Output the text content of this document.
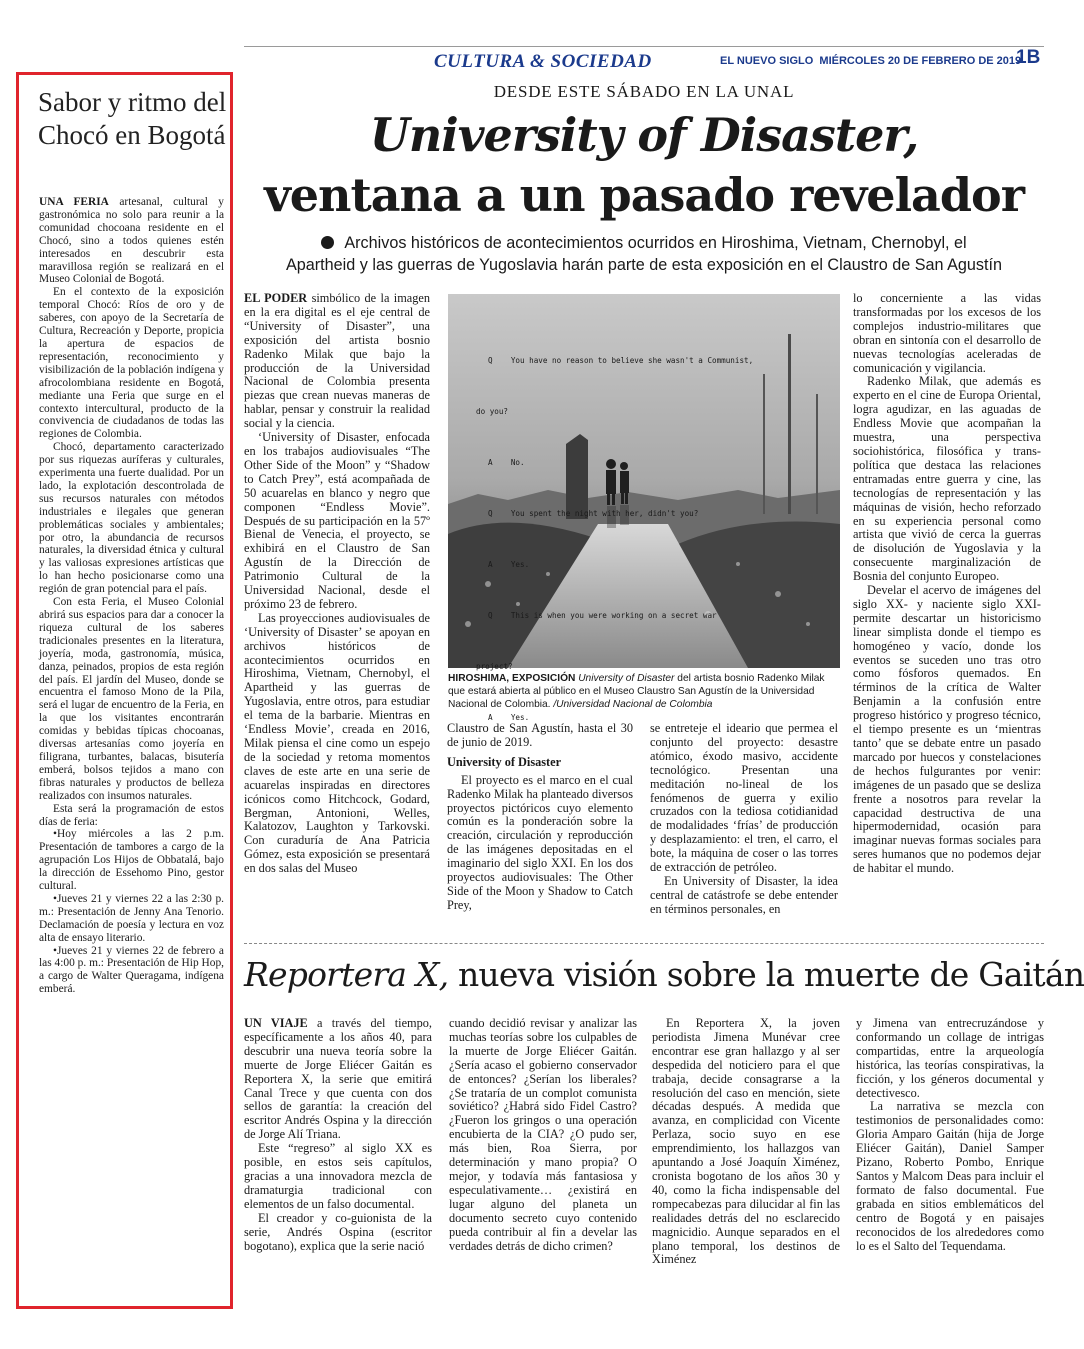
CULTURA & SOCIEDAD	EL NUEVO SIGLO  MIÉRCOLES 20 DE FEBRERO DE 2019
1B
Sabor y ritmo del Chocó en Bogotá

UNA FERIA artesanal, cultural y gastronómica no solo para reunir a la comunidad chocoana residente en el Chocó, sino a todos quienes estén interesados en descubrir esta maravillosa región se realizará en el Museo Colonial de Bogotá.

En el contexto de la exposición temporal Chocó: Ríos de oro y de saberes, con apoyo de la Secretaría de Cultura, Recreación y Deporte, propicia la apertura de espacios de representación, reconocimiento y visibilización de la población indígena y afrocolombiana residente en Bogotá, mediante una Feria que surge en el contexto intercultural, producto de la convivencia de ciudadanos de todas las regiones de Colombia.

Chocó, departamento caracterizado por sus riquezas auríferas y culturales, experimenta una fuerte dualidad. Por un lado, la explotación descontrolada de sus recursos naturales con métodos industriales e ilegales que generan problemáticas sociales y ambientales; por otro, la abundancia de recursos naturales, la diversidad étnica y cultural y las valiosas expresiones artísticas que lo han hecho posicionarse como una región de gran potencial para el país.

Con esta Feria, el Museo Colonial abrirá sus espacios para dar a conocer la riqueza cultural de los saberes tradicionales presentes en la literatura, joyería, moda, gastronomía, música, danza, peinados, propios de esta región del país. El jardín del Museo, donde se encuentra el famoso Mono de la Pila, será el lugar de encuentro de la Feria, en la que los visitantes encontrarán comidas y bebidas típicas chocoanas, diversas artesanías como joyería en filigrana, turbantes, balacas, bisutería emberá, bolsos tejidos a mano con fibras naturales y productos de belleza realizados con insumos naturales.

Esta será la programación de estos días de feria:

•Hoy miércoles a las 2 p.m. Presentación de tambores a cargo de la agrupación Los Hijos de Obbatalá, bajo la dirección de Essehomo Pino, gestor cultural.

•Jueves 21 y viernes 22 a las 2:30 p. m.: Presentación de Jenny Ana Tenorio. Declamación de poesía y lectura en voz alta de ensayo literario.

•Jueves 21 y viernes 22 de febrero a las 4:00 p. m.: Presentación de Hip Hop, a cargo de Walter Queragama, indígena emberá.

DESDE ESTE SÁBADO EN LA UNAL
University of Disaster,
ventana a un pasado revelador
Archivos históricos de acontecimientos ocurridos en Hiroshima, Vietnam, Chernobyl, el
Apartheid y las guerras de Yugoslavia harán parte de esta exposición en el Claustro de San Agustín

EL PODER simbólico de la imagen en la era digital es el eje central de “University of Disaster”, una exposición del artista bosnio Radenko Milak que bajo la producción de la Universidad Nacional de Colombia presenta piezas que crean nuevas maneras de hablar, pensar y construir la realidad social y la ciencia.

‘University of Disaster, enfocada en los trabajos audiovisuales “The Other Side of the Moon” y “Shadow to Catch Prey”, está acompañada de 50 acuarelas en blanco y negro que componen “Endless Movie”. Después de su participación en la 57º Bienal de Venecia, el proyecto, se exhibirá en el Claustro de San Agustín de la Dirección de Patrimonio Cultural de la Universidad Nacional, desde el próximo 23 de febrero.

Las proyecciones audiovisuales de ‘University of Disaster’ se apoyan en archivos históricos de acontecimientos ocurridos en Hiroshima, Vietnam, Chernobyl, el Apartheid y las guerras de Yugoslavia, entre otros, para estudiar el tema de la barbarie. Mientras en ‘Endless Movie’, creada en 2016, Milak piensa el cine como un espejo de la sociedad y retoma momentos claves de este arte en una serie de acuarelas inspiradas en directores icónicos como Hitchcock, Godard, Bergman, Antonioni, Welles, Kalatozov, Laughton y Tarkovski. Con curaduría de Ana Patricia Gómez, esta exposición se presentará en dos salas del Museo

Q    You have no reason to believe she wasn't a Communist,

do you?

A    No.

Q    You spent the night with her, didn't you?

A    Yes.

Q    This is when you were working on a secret war

project?

A    Yes.

HIROSHIMA, EXPOSICIÓN University of Disaster del artista bosnio Radenko Milak que estará abierta al público en el Museo Claustro San Agustín de la Universidad Nacional de Colombia. /Universidad Nacional de Colombia

Claustro de San Agustín, hasta el 30 de junio de 2019.

University of Disaster

El proyecto es el marco en el cual Radenko Milak ha planteado diversos proyectos pictóricos cuyo elemento común es la ponderación sobre la creación, circulación y reproducción de las imágenes depositadas en el imaginario del siglo XXI. En los dos proyectos audiovisuales: The Other Side of the Moon y Shadow to Catch Prey,

se entreteje el ideario que permea el conjunto del proyecto: desastre atómico, éxodo masivo, accidente tecnológico. Presentan una meditación no-lineal de los fenómenos de guerra y exilio cruzados con la tediosa cotidianidad de modalidades ‘frías’ de producción y desplazamiento: el tren, el carro, el bote, la máquina de coser o las torres de extracción de petróleo.

En University of Disaster, la idea central de catástrofe se debe entender en términos personales, en

lo concerniente a las vidas transformadas por los excesos de los complejos industrio-militares que obran en sintonía con el desarrollo de nuevas tecnologías aceleradas de comunicación y vigilancia.

Radenko Milak, que además es experto en el cine de Europa Oriental, logra agudizar, en las aguadas de Endless Movie que acompañan la muestra, una perspectiva sociohistórica, filosófica y trans-política que destaca las relaciones entramadas entre guerra y cine, las tecnologías de representación y las máquinas de visión, hecho reforzado en su experiencia personal como artista que vivió de cerca la guerras de disolución de Yugoslavia y la consecuente marginalización de Bosnia del conjunto Europeo.

Develar el acervo de imágenes del siglo XX- y naciente siglo XXI- permite descartar un historicismo linear simplista donde el tiempo es homogéneo y vacío, donde los eventos se suceden uno tras otro como fósforos quemados. En términos de la crítica de Walter Benjamin a la confusión entre progreso histórico y progreso técnico, el tiempo presente es un ‘mientras tanto’ que se debate entre un pasado marcado por huecos y constelaciones de hechos fulgurantes por venir: imágenes de un pasado que se desliza frente a nosotros para revelar la capacidad destructiva de una hipermodernidad, ocasión para imaginar nuevas formas sociales para seres humanos que no podemos dejar de habitar el mundo.

Reportera X, nueva visión sobre la muerte de Gaitán

UN VIAJE a través del tiempo, específicamente a los años 40, para descubrir una nueva teoría sobre la muerte de Jorge Eliécer Gaitán es Reportera X, la serie que emitirá Canal Trece y que cuenta con dos sellos de garantía: la creación del escritor Andrés Ospina y la dirección de Jorge Alí Triana.

Este “regreso” al siglo XX es posible, en estos seis capítulos, gracias a una innovadora mezcla de dramaturgia tradicional con elementos de un falso documental.

El creador y co-guionista de la serie, Andrés Ospina (escritor bogotano), explica que la serie nació

cuando decidió revisar y analizar las muchas teorías sobre los culpables de la muerte de Jorge Eliécer Gaitán. ¿Sería acaso el gobierno conservador de entonces? ¿Serían los liberales? ¿Se trataría de un complot comunista soviético? ¿Habrá sido Fidel Castro? ¿Fueron los gringos o una operación encubierta de la CIA? ¿O pudo ser, más bien, Roa Sierra, por determinación y mano propia? O mejor, y todavía más fantasiosa y especulativamente… ¿existirá en lugar alguno del planeta un documento secreto cuyo contenido pueda contribuir al fin a develar las verdades detrás de dicho crimen?

En Reportera X, la joven periodista Jimena Munévar cree encontrar ese gran hallazgo y al ser despedida del noticiero para el que trabaja, decide consagrarse a la resolución del caso en mención, siete décadas después. A medida que avanza, en complicidad con Vicente Perlaza, socio suyo en ese emprendimiento, los hallazgos van apuntando a José Joaquín Ximénez, cronista bogotano de los años 30 y 40, como la ficha indispensable del rompecabezas para dilucidar al fin las realidades detrás del no esclarecido magnicidio. Aunque separados en el plano temporal, los destinos de Ximénez

y Jimena van entrecruzándose y conformando un collage de intrigas compartidas, entre la arqueología histórica, las teorías conspirativas, la ficción, y los géneros documental y detectivesco.

La narrativa se mezcla con testimonios de personalidades como: Gloria Amparo Gaitán (hija de Jorge Eliécer Gaitán), Daniel Samper Pizano, Roberto Pombo, Enrique Santos y Malcom Deas para incluir el formato de falso documental. Fue grabada en sitios emblemáticos del centro de Bogotá y en paisajes reconocidos de los alrededores como lo es el Salto del Tequendama.
